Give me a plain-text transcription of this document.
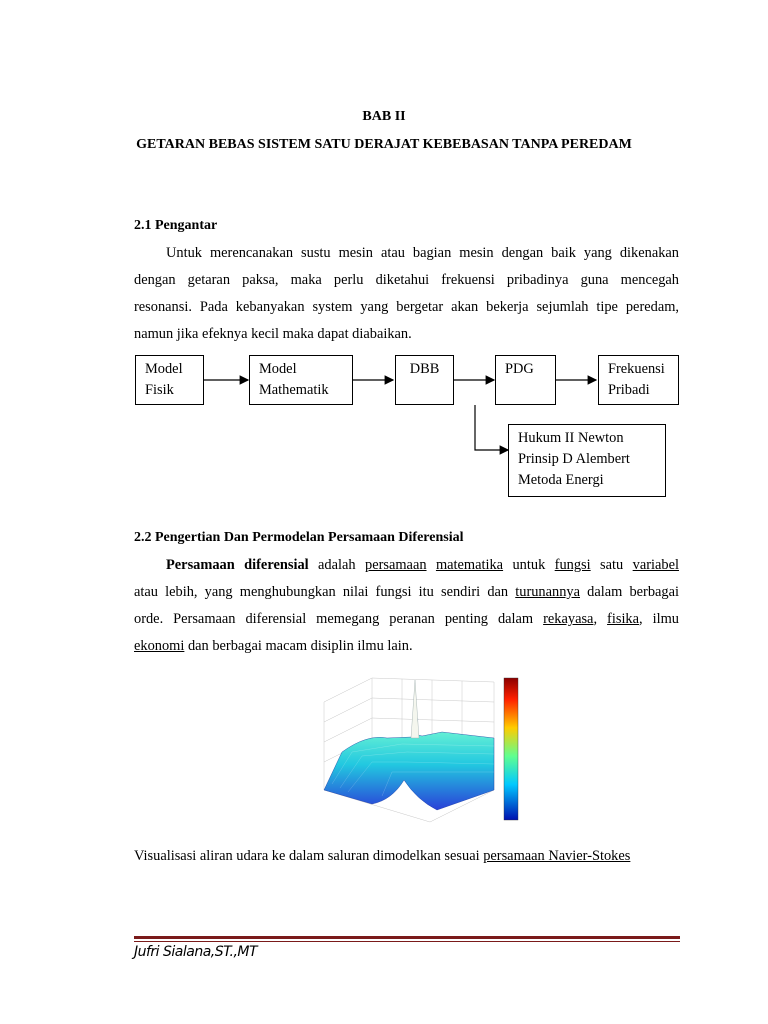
BAB II
GETARAN BEBAS SISTEM SATU DERAJAT KEBEBASAN TANPA PEREDAM
2.1 Pengantar
Untuk merencanakan sustu mesin atau bagian mesin dengan baik yang dikenakan
dengan getaran paksa, maka perlu diketahui frekuensi pribadinya guna mencegah
resonansi. Pada kebanyakan system yang bergetar akan bekerja sejumlah tipe peredam,
namun jika efeknya kecil maka dapat diabaikan.
Model
Fisik
Model
Mathematik
DBB	PDG	Frekuensi
Pribadi
Hukum II Newton
Prinsip D Alembert
Metoda Energi
2.2 Pengertian Dan Permodelan Persamaan Diferensial
Persamaan diferensial adalah persamaan matematika untuk fungsi satu variabel
atau lebih, yang menghubungkan nilai fungsi itu sendiri dan turunannya dalam berbagai
orde. Persamaan diferensial memegang peranan penting dalam rekayasa, fisika, ilmu
ekonomi dan berbagai macam disiplin ilmu lain.
Visualisasi aliran udara ke dalam saluran dimodelkan sesuai persamaan Navier-Stokes
Jufri Sialana,ST.,MT
